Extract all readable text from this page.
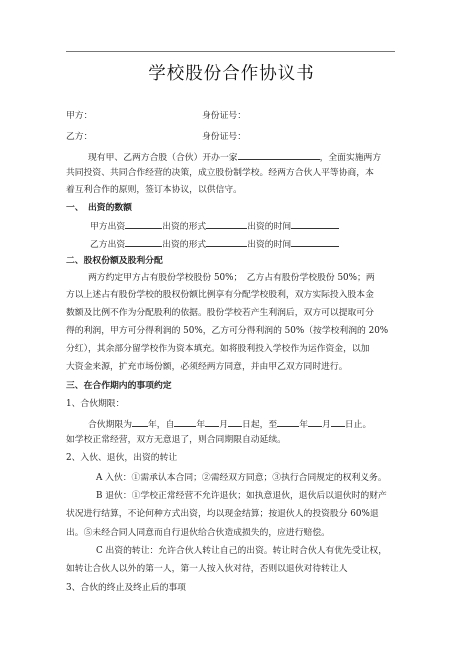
学校股份合作协议书
甲方：	身份证号：
乙方：	身份证号：
现有甲、乙两方合股（合伙）开办一家	，全面实施两方
共同投资、共同合作经营的决策，成立股份制学校。经两方合伙人平等协商，本
着互利合作的原则，签订本协议，以供信守。
一、　出资的数额
甲方出资	出资的形式	出资的时间
乙方出资	出资的形式	出资的时间
二、股权份额及股利分配
两方约定甲方占有股份学校股份 50%；　乙方占有股份学校股份 50%；两
方以上述占有股份学校的股权份额比例享有分配学校股利，双方实际投入股本金
数额及比例不作为分配股利的依据。股份学校若产生利润后，双方可以提取可分
得的利润，甲方可分得利润的 50%，乙方可分得利润的 50%（按学校利润的 20%
分红），其余部分留学校作为资本填充。如将股利投入学校作为运作资金，以加
大资金来源，扩充市场份额，必须经两方同意，并由甲乙双方同时进行。
三、在合作期内的事项约定
1、合伙期限：
合伙期限为 年，自	年 月 日起，至	年 月 日止。
如学校正常经营，双方无意退了，则合同期限自动延续。
2、入伙、退伙，出资的转让
A 入伙：①需承认本合同；②需经双方同意；③执行合同规定的权利义务。
B 退伙：①学校正常经营不允许退伙；如执意退伙，退伙后以退伙时的财产
状况进行结算，不论何种方式出资，均以现金结算；按退伙人的投资股分 60%退
出。⑤未经合同人同意而自行退伙给合伙造成损失的，应进行赔偿。
C 出资的转让：允许合伙人转让自己的出资。转让时合伙人有优先受让权，
如转让合伙人以外的第一人，第一人按入伙对待，否则以退伙对待转让人
3、合伙的终止及终止后的事项
